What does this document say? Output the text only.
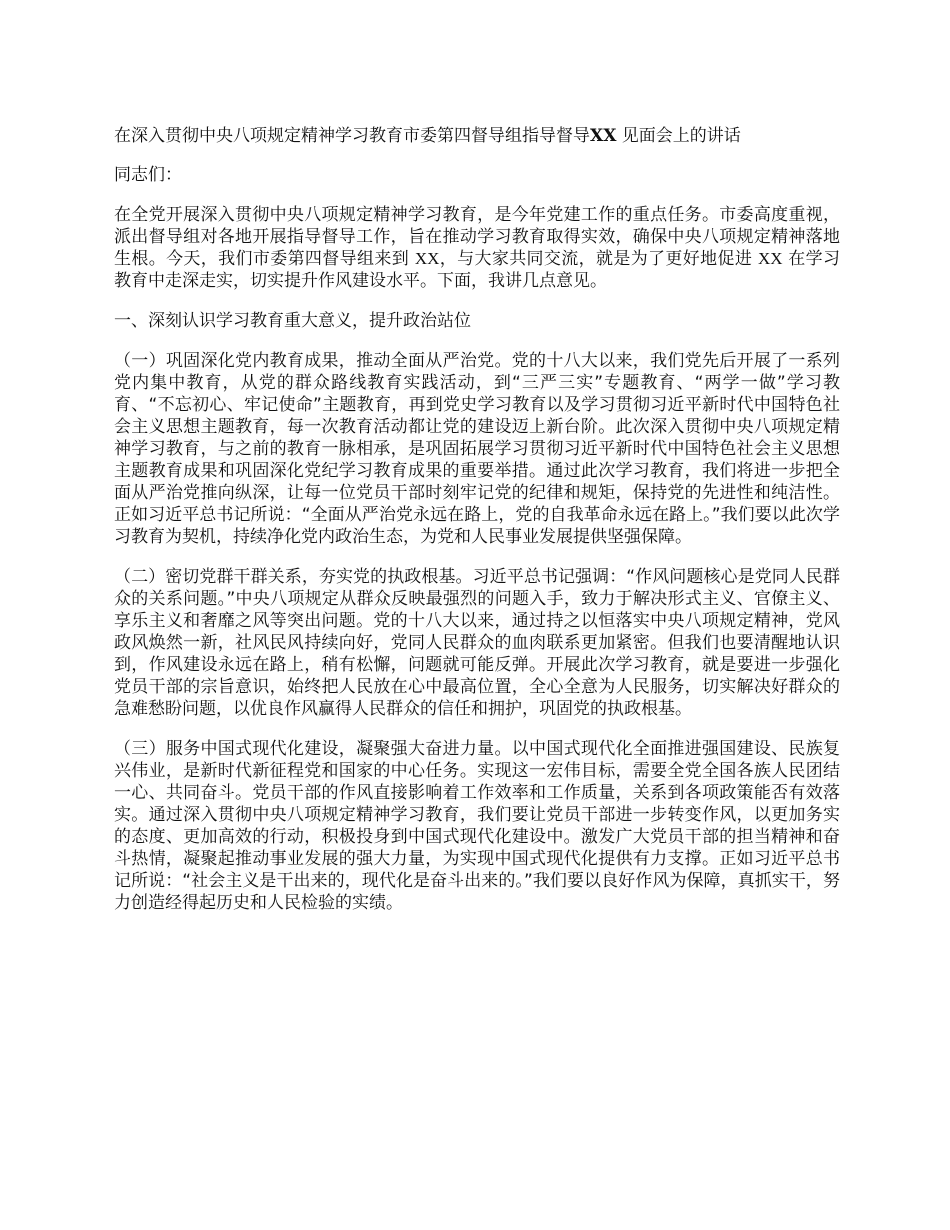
在深入贯彻中央八项规定精神学习教育市委第四督导组指导督导XX 见面会上的讲话

同志们：

在全党开展深入贯彻中央八项规定精神学习教育，是今年党建工作的重点任务。市委高度重视，派出督导组对各地开展指导督导工作，旨在推动学习教育取得实效，确保中央八项规定精神落地生根。今天，我们市委第四督导组来到 XX，与大家共同交流，就是为了更好地促进 XX 在学习教育中走深走实，切实提升作风建设水平。下面，我讲几点意见。

一、深刻认识学习教育重大意义，提升政治站位

（一）巩固深化党内教育成果，推动全面从严治党。党的十八大以来，我们党先后开展了一系列党内集中教育，从党的群众路线教育实践活动，到“三严三实”专题教育、“两学一做”学习教育、“不忘初心、牢记使命”主题教育，再到党史学习教育以及学习贯彻习近平新时代中国特色社会主义思想主题教育，每一次教育活动都让党的建设迈上新台阶。此次深入贯彻中央八项规定精神学习教育，与之前的教育一脉相承，是巩固拓展学习贯彻习近平新时代中国特色社会主义思想主题教育成果和巩固深化党纪学习教育成果的重要举措。通过此次学习教育，我们将进一步把全面从严治党推向纵深，让每一位党员干部时刻牢记党的纪律和规矩，保持党的先进性和纯洁性。正如习近平总书记所说：“全面从严治党永远在路上，党的自我革命永远在路上。”我们要以此次学习教育为契机，持续净化党内政治生态，为党和人民事业发展提供坚强保障。

（二）密切党群干群关系，夯实党的执政根基。习近平总书记强调：“作风问题核心是党同人民群众的关系问题。”中央八项规定从群众反映最强烈的问题入手，致力于解决形式主义、官僚主义、享乐主义和奢靡之风等突出问题。党的十八大以来，通过持之以恒落实中央八项规定精神，党风政风焕然一新，社风民风持续向好，党同人民群众的血肉联系更加紧密。但我们也要清醒地认识到，作风建设永远在路上，稍有松懈，问题就可能反弹。开展此次学习教育，就是要进一步强化党员干部的宗旨意识，始终把人民放在心中最高位置，全心全意为人民服务，切实解决好群众的急难愁盼问题，以优良作风赢得人民群众的信任和拥护，巩固党的执政根基。

（三）服务中国式现代化建设，凝聚强大奋进力量。以中国式现代化全面推进强国建设、民族复兴伟业，是新时代新征程党和国家的中心任务。实现这一宏伟目标，需要全党全国各族人民团结一心、共同奋斗。党员干部的作风直接影响着工作效率和工作质量，关系到各项政策能否有效落实。通过深入贯彻中央八项规定精神学习教育，我们要让党员干部进一步转变作风，以更加务实的态度、更加高效的行动，积极投身到中国式现代化建设中。激发广大党员干部的担当精神和奋斗热情，凝聚起推动事业发展的强大力量，为实现中国式现代化提供有力支撑。正如习近平总书记所说：“社会主义是干出来的，现代化是奋斗出来的。”我们要以良好作风为保障，真抓实干，努力创造经得起历史和人民检验的实绩。
